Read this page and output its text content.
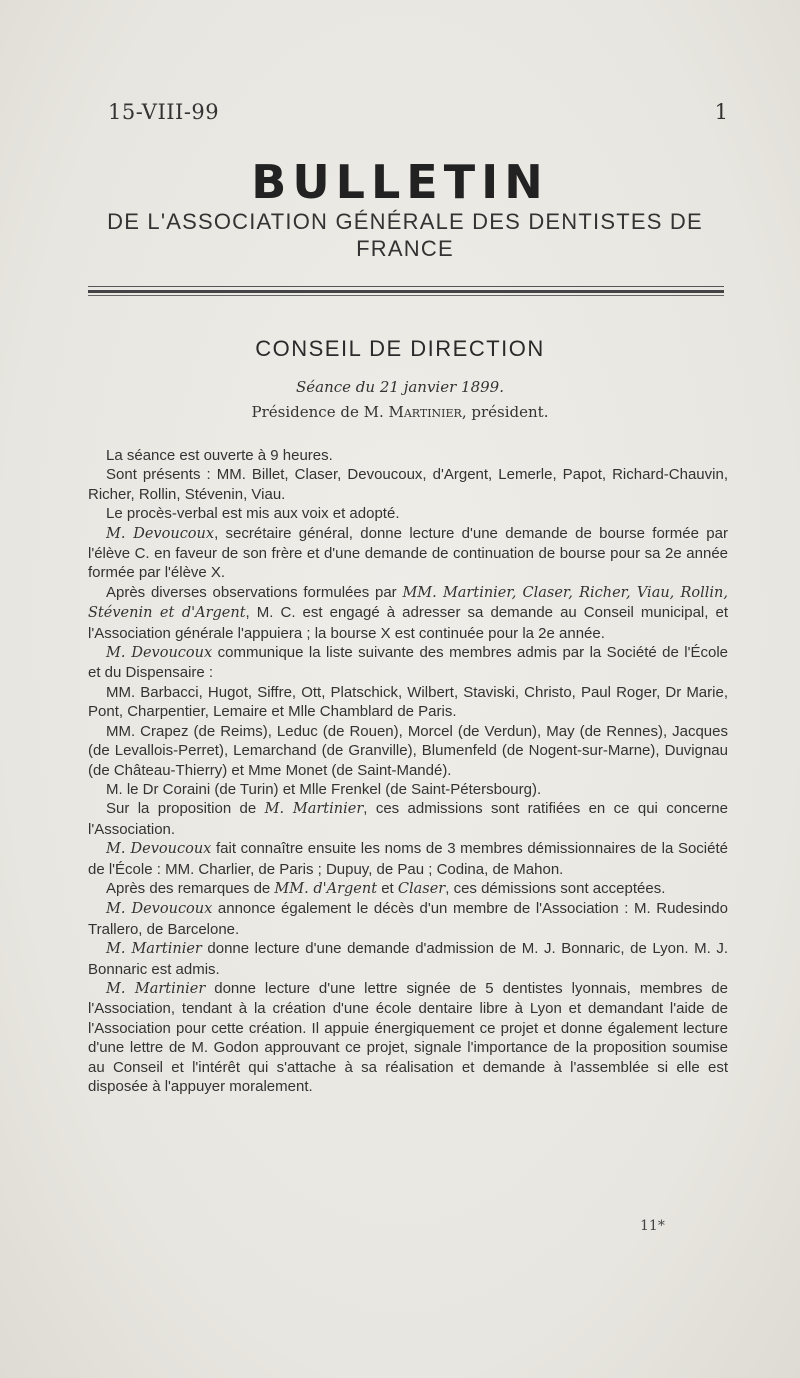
15-VIII-99	1
BULLETIN
DE L'ASSOCIATION GÉNÉRALE DES DENTISTES DE FRANCE
CONSEIL DE DIRECTION
Séance du 21 janvier 1899.
Présidence de M. Martinier, président.

La séance est ouverte à 9 heures.

Sont présents : MM. Billet, Claser, Devoucoux, d'Argent, Lemerle, Papot, Richard-Chauvin, Richer, Rollin, Stévenin, Viau.

Le procès-verbal est mis aux voix et adopté.

M. Devoucoux, secrétaire général, donne lecture d'une demande de bourse formée par l'élève C. en faveur de son frère et d'une demande de continuation de bourse pour sa 2e année formée par l'élève X.

Après diverses observations formulées par MM. Martinier, Claser, Richer, Viau, Rollin, Stévenin et d'Argent, M. C. est engagé à adresser sa demande au Conseil municipal, et l'Association générale l'appuiera ; la bourse X est continuée pour la 2e année.

M. Devoucoux communique la liste suivante des membres admis par la Société de l'École et du Dispensaire :

MM. Barbacci, Hugot, Siffre, Ott, Platschick, Wilbert, Staviski, Christo, Paul Roger, Dr Marie, Pont, Charpentier, Lemaire et Mlle Chamblard de Paris.

MM. Crapez (de Reims), Leduc (de Rouen), Morcel (de Verdun), May (de Rennes), Jacques (de Levallois-Perret), Lemarchand (de Granville), Blumenfeld (de Nogent-sur-Marne), Duvignau (de Château-Thierry) et Mme Monet (de Saint-Mandé).

M. le Dr Coraini (de Turin) et Mlle Frenkel (de Saint-Pétersbourg).

Sur la proposition de M. Martinier, ces admissions sont ratifiées en ce qui concerne l'Association.

M. Devoucoux fait connaître ensuite les noms de 3 membres démissionnaires de la Société de l'École : MM. Charlier, de Paris ; Dupuy, de Pau ; Codina, de Mahon.

Après des remarques de MM. d'Argent et Claser, ces démissions sont acceptées.

M. Devoucoux annonce également le décès d'un membre de l'Association : M. Rudesindo Trallero, de Barcelone.

M. Martinier donne lecture d'une demande d'admission de M. J. Bonnaric, de Lyon. M. J. Bonnaric est admis.

M. Martinier donne lecture d'une lettre signée de 5 dentistes lyonnais, membres de l'Association, tendant à la création d'une école dentaire libre à Lyon et demandant l'aide de l'Association pour cette création. Il appuie énergiquement ce projet et donne également lecture d'une lettre de M. Godon approuvant ce projet, signale l'importance de la proposition soumise au Conseil et l'intérêt qui s'attache à sa réalisation et demande à l'assemblée si elle est disposée à l'appuyer moralement.

11*
